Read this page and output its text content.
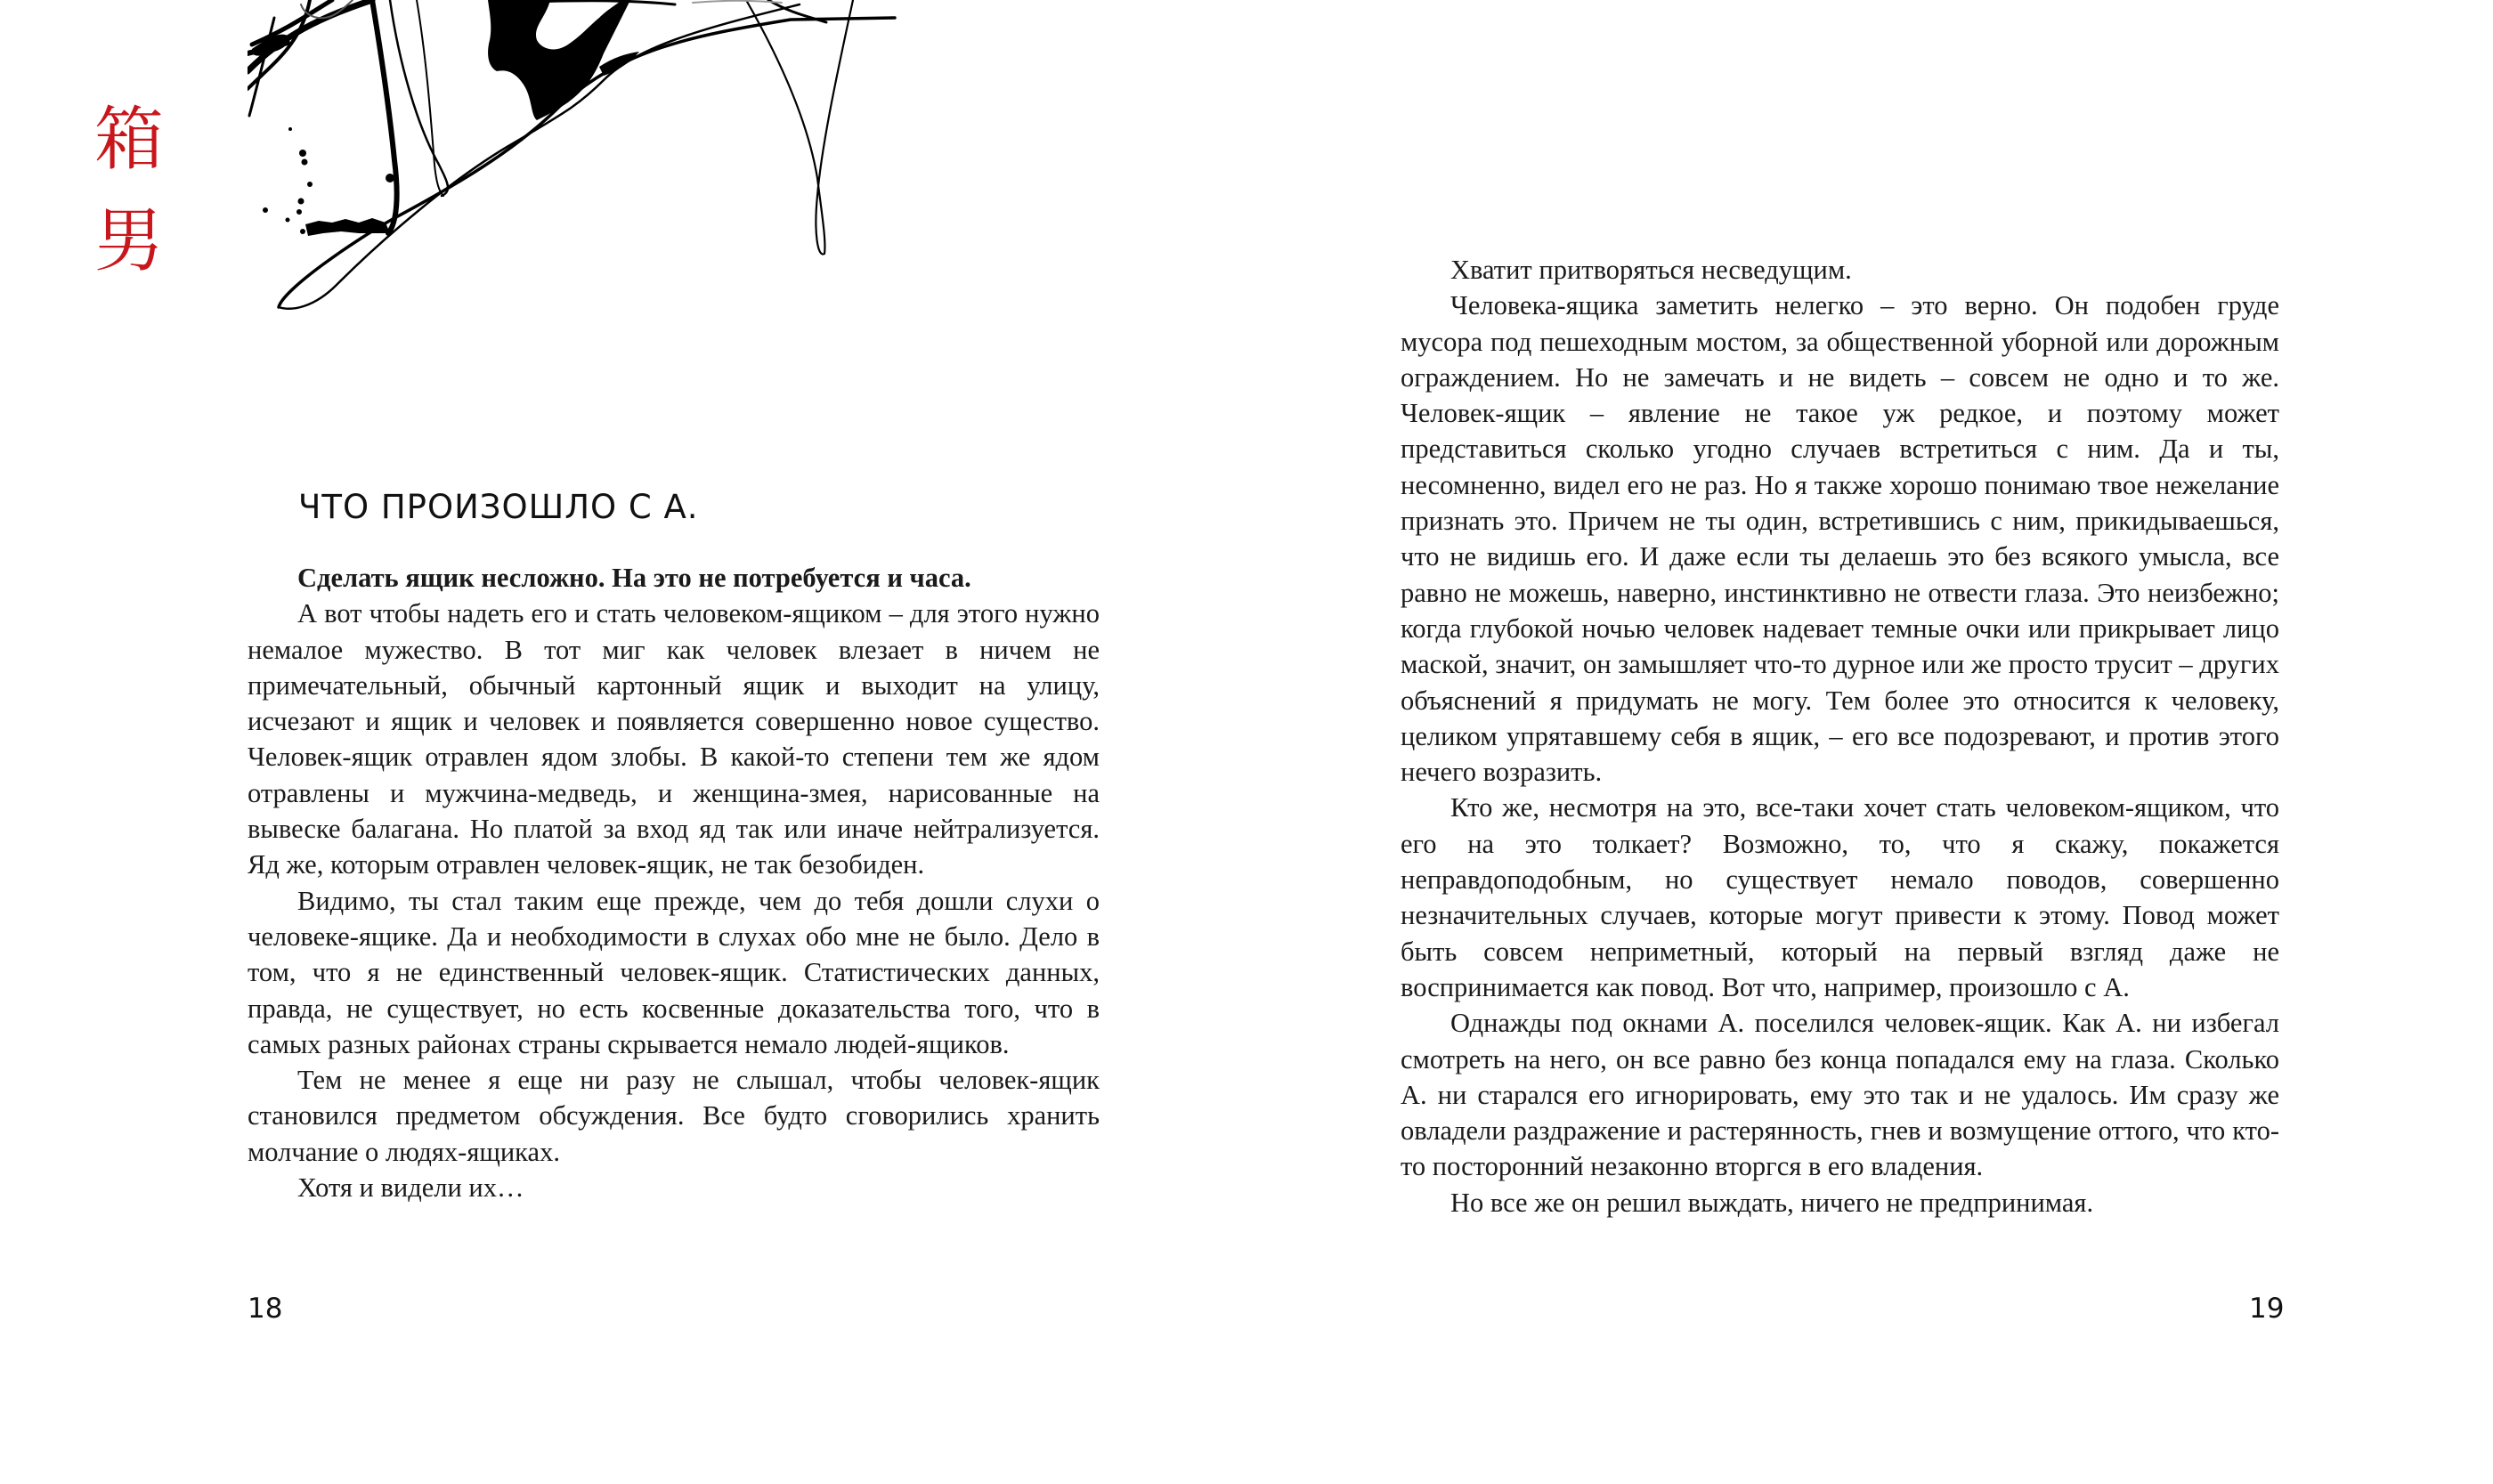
箱
男
ЧТО ПРОИЗОШЛО С А.

Сделать ящик несложно. На это не потребуется и часа.

А вот чтобы надеть его и стать человеком-ящиком – для этого нужно немалое мужество. В тот миг как человек влезает в ничем не примечательный, обычный картонный ящик и выходит на улицу, исчезают и ящик и человек и появляется совершенно новое существо. Человек-ящик отравлен ядом злобы. В какой-то степени тем же ядом отравлены и мужчина-медведь, и женщина-змея, нарисованные на вывеске балагана. Но платой за вход яд так или иначе нейтрализуется. Яд же, которым отравлен человек-ящик, не так безобиден.

Видимо, ты стал таким еще прежде, чем до тебя дошли слухи о человеке-ящике. Да и необходимости в слухах обо мне не было. Дело в том, что я не единственный человек-ящик. Статистических данных, правда, не существует, но есть косвенные доказательства того, что в самых разных районах страны скрывается немало людей-ящиков.

Тем не менее я еще ни разу не слышал, чтобы человек-ящик становился предметом обсуждения. Все будто сговорились хранить молчание о людях-ящиках.

Хотя и видели их…

Хватит притворяться несведущим.

Человека-ящика заметить нелегко – это верно. Он подобен груде мусора под пешеходным мостом, за общественной уборной или дорожным ограждением. Но не замечать и не видеть – совсем не одно и то же. Человек-ящик – явление не такое уж редкое, и поэтому может представиться сколько угодно случаев встретиться с ним. Да и ты, несомненно, видел его не раз. Но я также хорошо понимаю твое нежелание признать это. Причем не ты один, встретившись с ним, прикидываешься, что не видишь его. И даже если ты делаешь это без всякого умысла, все равно не можешь, наверно, инстинктивно не отвести глаза. Это неизбежно; когда глубокой ночью человек надевает темные очки или прикрывает лицо маской, значит, он замышляет что-то дурное или же просто трусит – других объяснений я придумать не могу. Тем более это относится к человеку, целиком упрятавшему себя в ящик, – его все подозревают, и против этого нечего возразить.

Кто же, несмотря на это, все-таки хочет стать человеком-ящиком, что его на это толкает? Возможно, то, что я скажу, покажется неправдоподобным, но существует немало поводов, совершенно незначительных случаев, которые могут привести к этому. Повод может быть совсем неприметный, который на первый взгляд даже не воспринимается как повод. Вот что, например, произошло с А.

Однажды под окнами А. поселился человек-ящик. Как А. ни избегал смотреть на него, он все равно без конца попадался ему на глаза. Сколько А. ни старался его игнорировать, ему это так и не удалось. Им сразу же овладели раздражение и растерянность, гнев и возмущение оттого, что кто-то посторонний незаконно вторгся в его владения.

Но все же он решил выждать, ничего не предпринимая.

18	19
